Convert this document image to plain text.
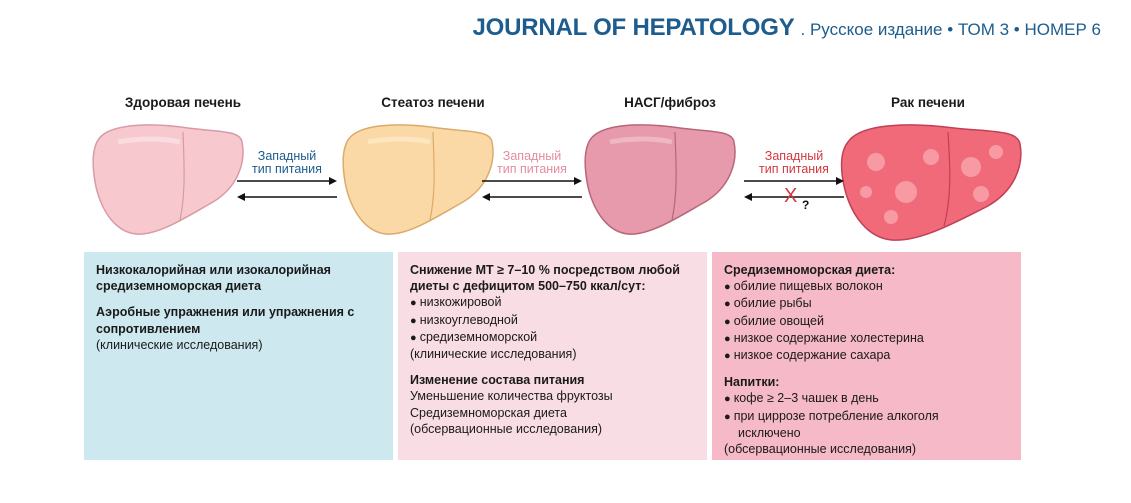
JOURNAL OF HEPATOLOGY . Русское издание • ТОМ 3 • НОМЕР 6
Здоровая печень	Стеатоз печени	НАСГ/фиброз	Рак печени
Западный
тип питания
Западный
тип питания
Западный
тип питания
X ?
Низкокалорийная или изокалорийная средиземноморская диета
Аэробные упражнения или упражнения с сопротивлением
(клинические исследования)
Снижение МТ ≥ 7–10 % посредством любой диеты с дефицитом 500–750 ккал/сут:
● низкожировой
● низкоуглеводной
● средиземноморской
(клинические исследования)
Изменение состава питания
Уменьшение количества фруктозы
Средиземноморская диета
(обсервационные исследования)
Средиземноморская диета:
● обилие пищевых волокон
● обилие рыбы
● обилие овощей
● низкое содержание холестерина
● низкое содержание сахара
Напитки:
● кофе ≥ 2–3 чашек в день
● при циррозе потребление алкоголя
исключено
(обсервационные исследования)
